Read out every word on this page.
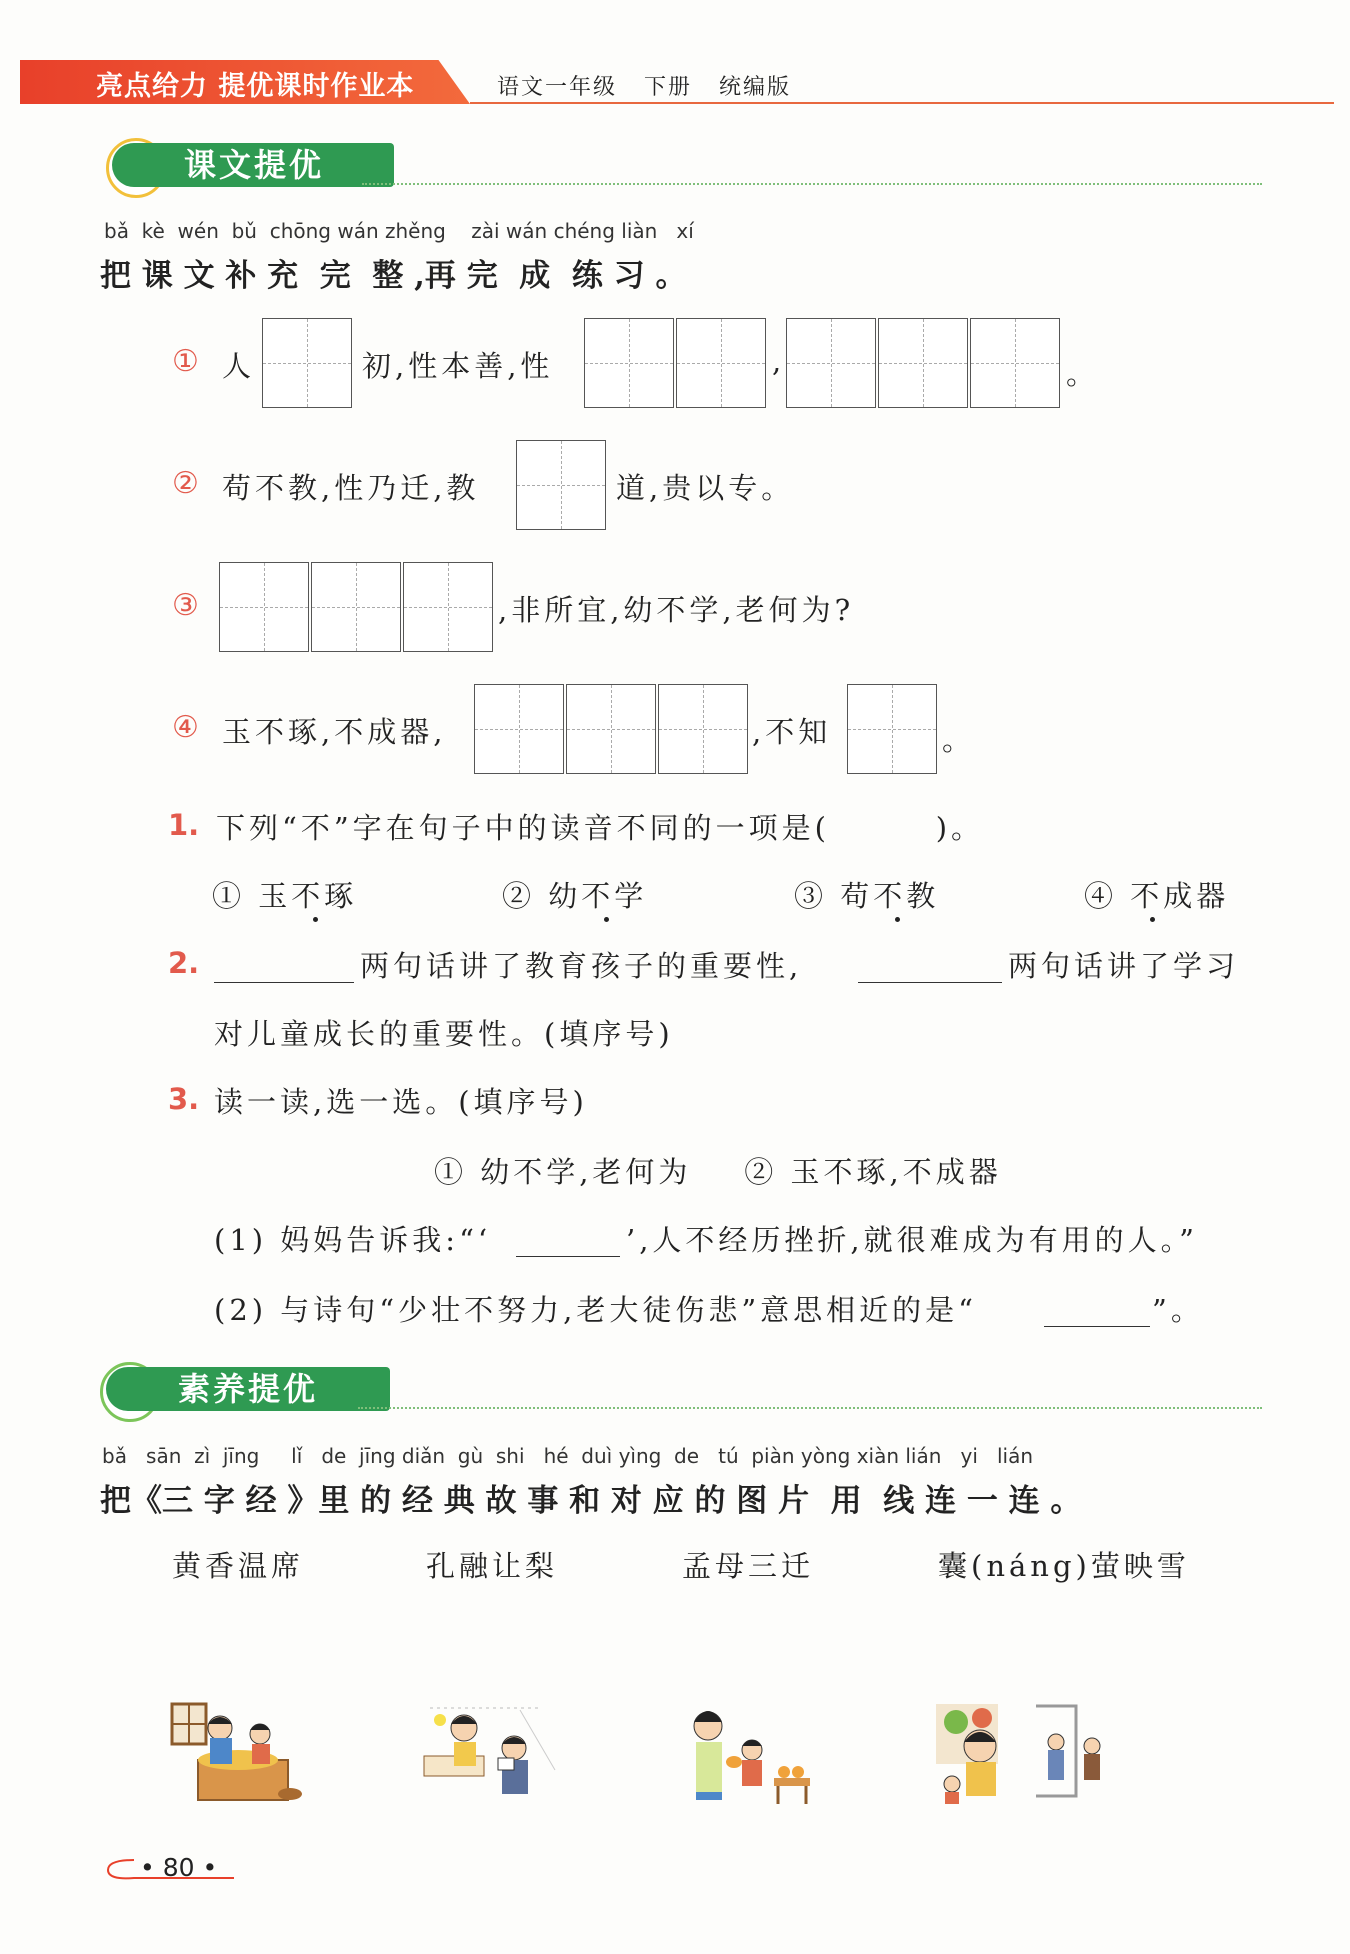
亮点给力 提优课时作业本	语文一年级 下册 统编版
课文提优
bǎ  kè  wén  bǔ  chōng wán zhěng    zài wán chéng liàn   xí
把 课 文 补 充  完  整 ,再 完  成  练 习 。
① 人	初,性本善,性	,	。
② 苟不教,性乃迁,教	道,贵以专。
③	,非所宜,幼不学,老何为?
④ 玉不琢,不成器,	,不知	。
1. 下列“不”字在句子中的读音不同的一项是(        )。
① 玉不琢	② 幼不学	③ 苟不教	④ 不成器
2.	两句话讲了教育孩子的重要性,	两句话讲了学习
对儿童成长的重要性。(填序号)
3. 读一读,选一选。(填序号)
① 幼不学,老何为    ② 玉不琢,不成器
(1) 妈妈告诉我:“‘	’,人不经历挫折,就很难成为有用的人。”
(2) 与诗句“少壮不努力,老大徒伤悲”意思相近的是“	”。
素养提优
bǎ   sān  zì  jīng     lǐ   de  jīng diǎn  gù  shi   hé  duì yìng  de   tú  piàn yòng xiàn lián   yi   lián
把《三 字 经 》里 的 经 典 故 事 和 对 应 的 图 片  用  线 连 一 连 。
黄香温席	孔融让梨	孟母三迁	囊(náng)萤映雪
• 80 •
